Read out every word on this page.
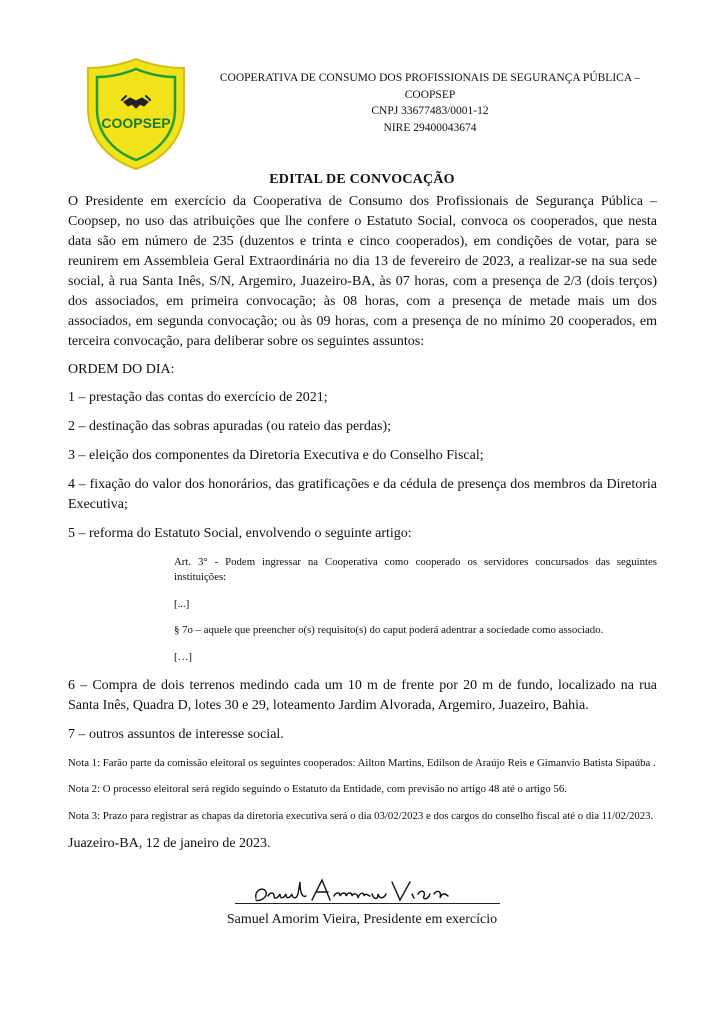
COOPSEP
COOPERATIVA DE CONSUMO DOS PROFISSIONAIS DE SEGURANÇA PÚBLICA –
COOPSEP
CNPJ 33677483/0001-12
NIRE 29400043674
EDITAL DE CONVOCAÇÃO

O Presidente em exercício da Cooperativa de Consumo dos Profissionais de Segurança Pública – Coopsep, no uso das atribuições que lhe confere o Estatuto Social, convoca os cooperados, que nesta data são em número de 235 (duzentos e trinta e cinco cooperados), em condições de votar, para se reunirem em Assembleia Geral Extraordinária no dia 13 de fevereiro de 2023, a realizar-se na sua sede social, à rua Santa Inês, S/N, Argemiro, Juazeiro-BA, às 07 horas, com a presença de 2/3 (dois terços) dos associados, em primeira convocação; às 08 horas, com a presença de metade mais um dos associados, em segunda convocação; ou às 09 horas, com a presença de no mínimo 20 cooperados, em terceira convocação, para deliberar sobre os seguintes assuntos:

ORDEM DO DIA:

1 – prestação das contas do exercício de 2021;

2 – destinação das sobras apuradas (ou rateio das perdas);

3 – eleição dos componentes da Diretoria Executiva e do Conselho Fiscal;

4 – fixação do valor dos honorários, das gratificações e da cédula de presença dos membros da Diretoria Executiva;

5 – reforma do Estatuto Social, envolvendo o seguinte artigo:

Art. 3° - Podem ingressar na Cooperativa como cooperado os servidores concursados das seguintes instituições:

[...]

§ 7o – aquele que preencher o(s) requisito(s) do caput poderá adentrar a sociedade como associado.

[…]

6 – Compra de dois terrenos medindo cada um 10 m de frente por 20 m de fundo, localizado na rua Santa Inês, Quadra D, lotes 30 e 29, loteamento Jardim Alvorada, Argemiro, Juazeiro, Bahia.

7 – outros assuntos de interesse social.

Nota 1: Farão parte da comissão eleitoral os seguintes cooperados: Ailton Martins, Edilson de Araújo Reis e Gimanvio Batista Sipaúba .

Nota 2: O processo eleitoral será regido seguindo o Estatuto da Entidade, com previsão no artigo 48 até o artigo 56.

Nota 3: Prazo para registrar as chapas da diretoria executiva será o dia 03/02/2023 e dos cargos do conselho fiscal até o dia 11/02/2023.

Juazeiro-BA, 12 de janeiro de 2023.

Samuel Amorim Vieira, Presidente em exercício
